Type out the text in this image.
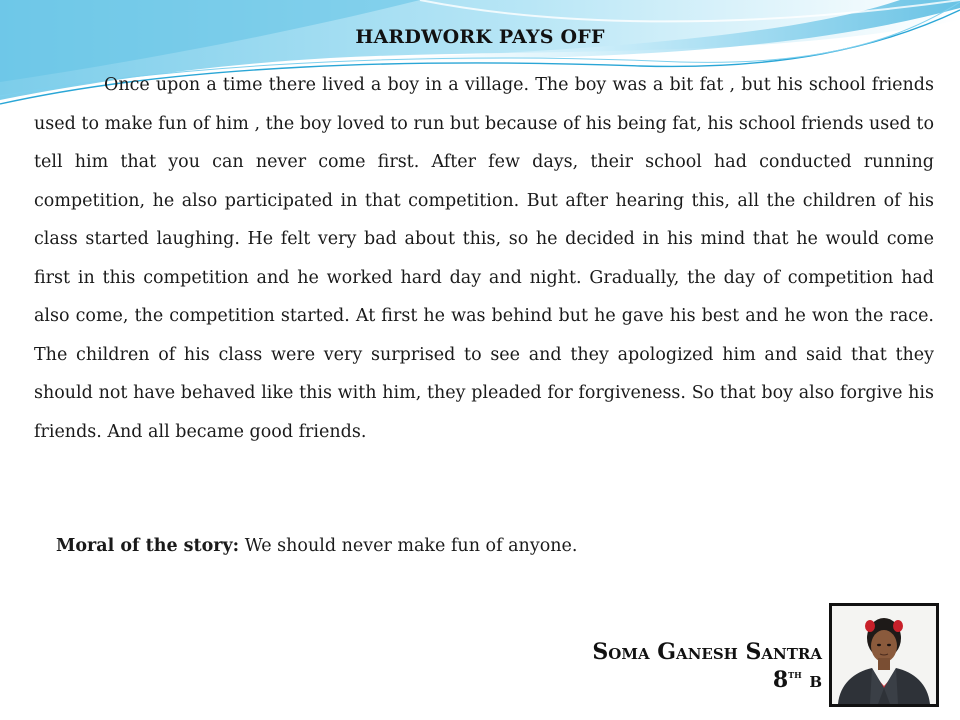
HARDWORK PAYS OFF

Once upon a time there lived a boy in a village. The boy was a bit fat , but his school friends used to make fun of him , the boy loved to run but because of his being fat, his school friends used to tell him that you can never come first. After few days, their school had conducted running competition, he also participated in that competition. But after hearing this, all the children of his class started laughing. He felt very bad about this, so he decided in his mind that he would come first in this competition and he worked hard day and night. Gradually, the day of competition had also come, the competition started. At first he was behind but he gave his best and he won the race. The children of his class were very surprised to see and they apologized him and said that they should not have behaved like this with him, they pleaded for forgiveness. So that boy also forgive his friends. And all became good friends.

Moral of the story: We should never make fun of anyone.
Soma Ganesh Santra
8th b
